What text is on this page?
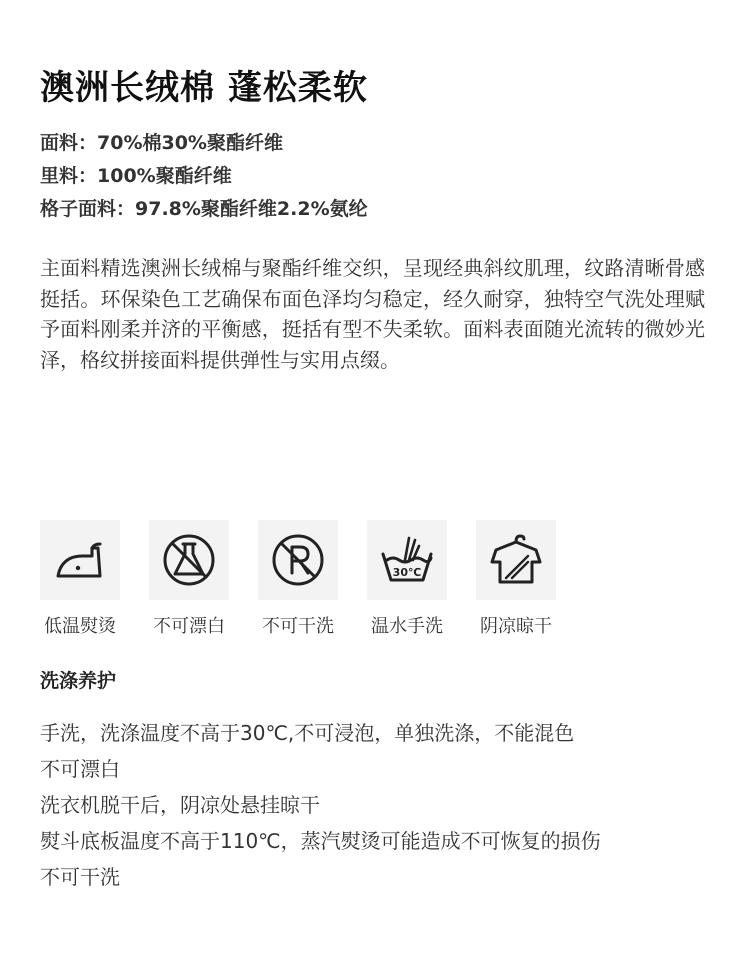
澳洲长绒棉 蓬松柔软
面料：70%棉30%聚酯纤维
里料：100%聚酯纤维
格子面料：97.8%聚酯纤维2.2%氨纶
主面料精选澳洲长绒棉与聚酯纤维交织，呈现经典斜纹肌理，纹路清晰骨感挺括。环保染色工艺确保布面色泽均匀稳定，经久耐穿，独特空气洗处理赋予面料刚柔并济的平衡感，挺括有型不失柔软。面料表面随光流转的微妙光泽，格纹拼接面料提供弹性与实用点缀。
低温熨烫 不可漂白 不可干洗
30℃
温水手洗 阴凉晾干
洗涤养护
手洗，洗涤温度不高于30℃,不可浸泡，单独洗涤，不能混色
不可漂白
洗衣机脱干后，阴凉处悬挂晾干
熨斗底板温度不高于110℃，蒸汽熨烫可能造成不可恢复的损伤
不可干洗
